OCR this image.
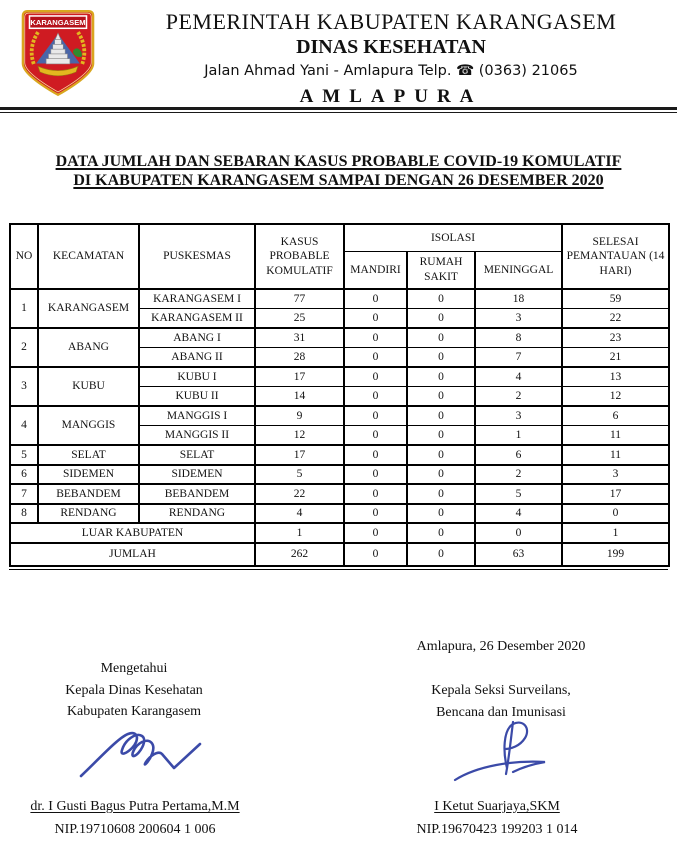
KARANGASEM	PEMERINTAH KABUPATEN KARANGASEM
DINAS KESEHATAN
Jalan Ahmad Yani - Amlapura Telp. ☎ (0363) 21065
AMLAPURA
DATA JUMLAH DAN SEBARAN KASUS PROBABLE COVID-19 KOMULATIF
DI KABUPATEN KARANGASEM SAMPAI DENGAN 26 DESEMBER 2020
NO	KECAMATAN	PUSKESMAS	KASUS PROBABLE KOMULATIF	ISOLASI			SELESAI PEMANTAUAN (14 HARI)
				MANDIRI	RUMAH SAKIT	MENINGGAL	
1	KARANGASEM	KARANGASEM I	77	0	0	18	59
		KARANGASEM II	25	0	0	3	22
2	ABANG	ABANG I	31	0	0	8	23
		ABANG II	28	0	0	7	21
3	KUBU	KUBU I	17	0	0	4	13
		KUBU II	14	0	0	2	12
4	MANGGIS	MANGGIS I	9	0	0	3	6
		MANGGIS II	12	0	0	1	11
5	SELAT	SELAT	17	0	0	6	11
6	SIDEMEN	SIDEMEN	5	0	0	2	3
7	BEBANDEM	BEBANDEM	22	0	0	5	17
8	RENDANG	RENDANG	4	0	0	4	0
LUAR KABUPATEN			1	0	0	0	1
JUMLAH			262	0	0	63	199
Amlapura, 26 Desember 2020
Mengetahui
Kepala Dinas Kesehatan
Kabupaten Karangasem
Kepala Seksi Surveilans,
Bencana dan Imunisasi
dr. I Gusti Bagus Putra Pertama,M.M
NIP.19710608 200604 1 006
I Ketut Suarjaya,SKM
NIP.19670423 199203 1 014
